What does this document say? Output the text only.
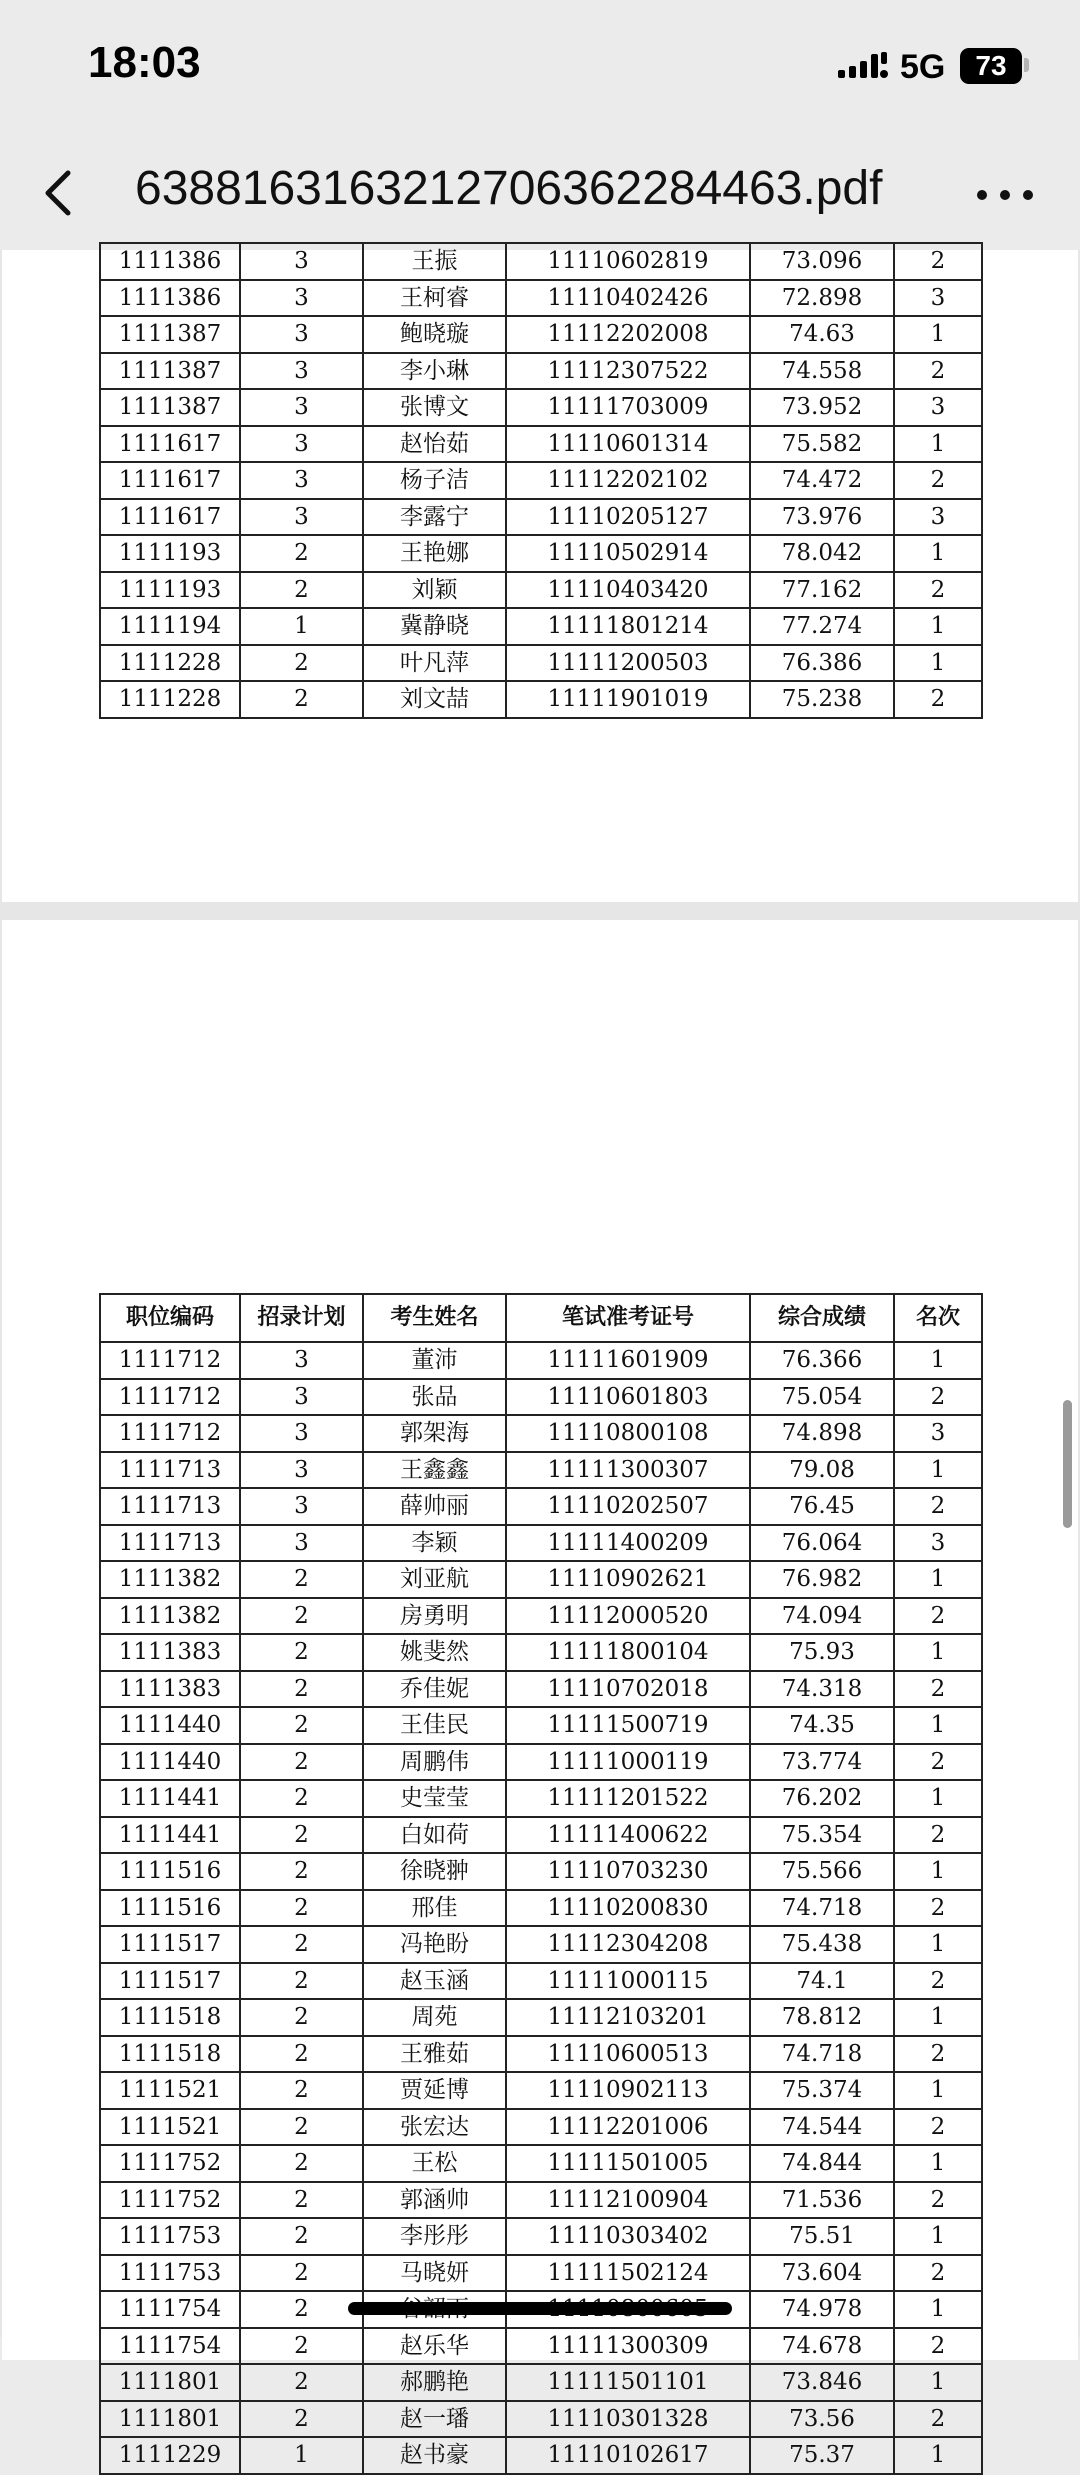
18:03	5G	73
638816316321270636228446​3.pdf
1111386	3	王振	11110602819	73.096	2
1111386	3	王柯睿	11110402426	72.898	3
1111387	3	鲍晓璇	11112202008	74.63	1
1111387	3	李小琳	11112307522	74.558	2
1111387	3	张博文	11111703009	73.952	3
1111617	3	赵怡茹	11110601314	75.582	1
1111617	3	杨子洁	11112202102	74.472	2
1111617	3	李露宁	11110205127	73.976	3
1111193	2	王艳娜	11110502914	78.042	1
1111193	2	刘颖	11110403420	77.162	2
1111194	1	冀静晓	11111801214	77.274	1
1111228	2	叶凡萍	11111200503	76.386	1
1111228	2	刘文喆	11111901019	75.238	2
职位编码	招录计划	考生姓名	笔试准考证号	综合成绩	名次
1111712	3	董沛	11111601909	76.366	1
1111712	3	张品	11110601803	75.054	2
1111712	3	郭架海	11110800108	74.898	3
1111713	3	王鑫鑫	11111300307	79.08	1
1111713	3	薛帅丽	11110202507	76.45	2
1111713	3	李颖	11111400209	76.064	3
1111382	2	刘亚航	11110902621	76.982	1
1111382	2	房勇明	11112000520	74.094	2
1111383	2	姚斐然	11111800104	75.93	1
1111383	2	乔佳妮	11110702018	74.318	2
1111440	2	王佳民	11111500719	74.35	1
1111440	2	周鹏伟	11111000119	73.774	2
1111441	2	史莹莹	11111201522	76.202	1
1111441	2	白如荷	11111400622	75.354	2
1111516	2	徐晓翀	11110703230	75.566	1
1111516	2	邢佳	11110200830	74.718	2
1111517	2	冯艳盼	11112304208	75.438	1
1111517	2	赵玉涵	11111000115	74.1	2
1111518	2	周苑	11112103201	78.812	1
1111518	2	王雅茹	11110600513	74.718	2
1111521	2	贾延博	11110902113	75.374	1
1111521	2	张宏达	11112201006	74.544	2
1111752	2	王松	11111501005	74.844	1
1111752	2	郭涵帅	11112100904	71.536	2
1111753	2	李彤彤	11110303402	75.51	1
1111753	2	马晓妍	11111502124	73.604	2
1111754	2			74.978	1
1111754	2	赵乐华	11111300309	74.678	2
1111801	2	郝鹏艳	11111501101	73.846	1
1111801	2	赵一璠	11110301328	73.56	2
1111229	1	赵书豪	11110102617	75.37	1
